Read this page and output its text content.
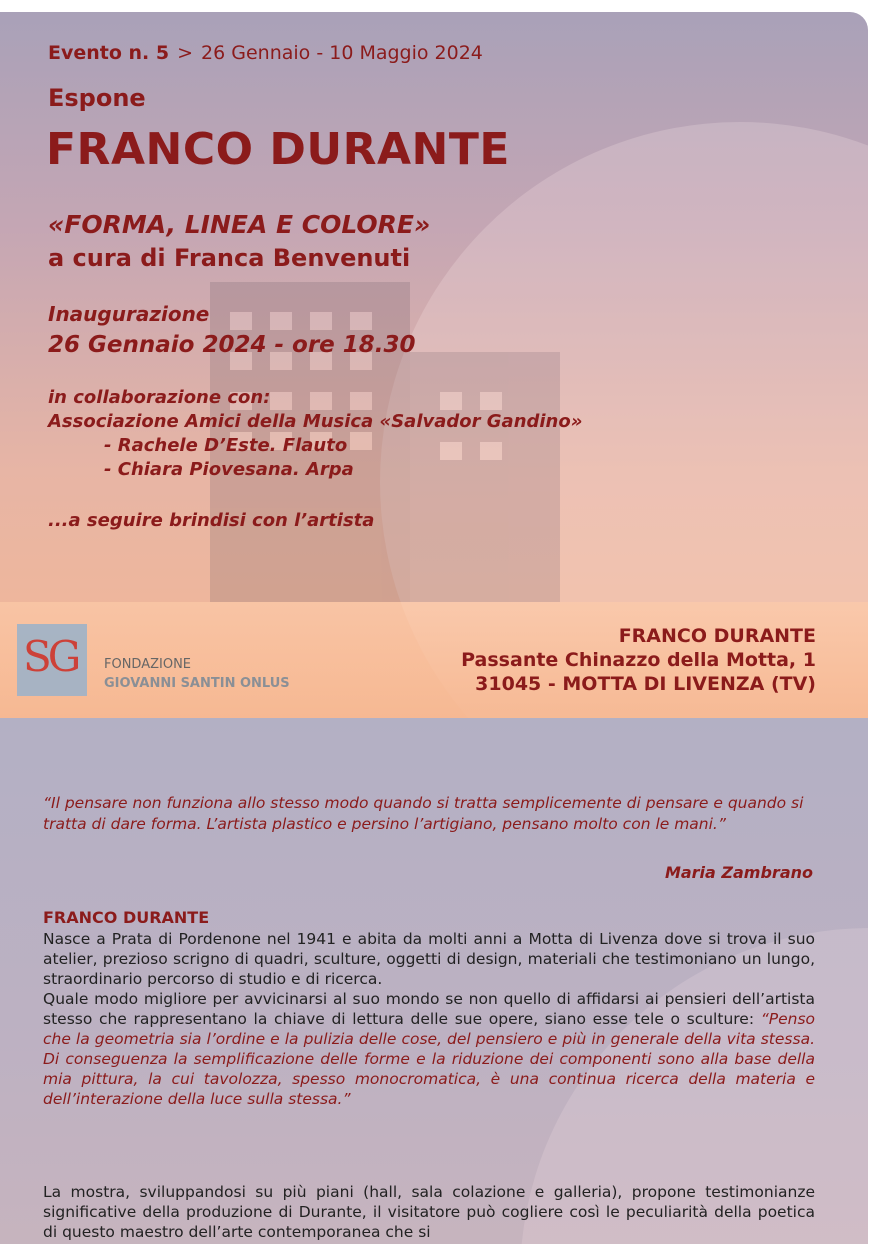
Evento n. 5 > 26 Gennaio - 10 Maggio 2024
Espone
FRANCO DURANTE
«FORMA, LINEA E COLORE»
a cura di Franca Benvenuti
Inaugurazione
26 Gennaio 2024 - ore 18.30
in collaborazione con:
Associazione Amici della Musica «Salvador Gandino»
- Rachele D’Este. Flauto
- Chiara Piovesana. Arpa
...a seguire brindisi con l’artista
SG FONDAZIONE
GIOVANNI SANTIN ONLUS
FRANCO DURANTE
Passante Chinazzo della Motta, 1
31045 - MOTTA DI LIVENZA (TV)
“Il pensare non funziona allo stesso modo quando si tratta semplicemente di pensare e quando si tratta di dare forma. L’artista plastico e persino l’artigiano, pensano molto con le mani.”
Maria Zambrano
FRANCO DURANTE
Nasce a Prata di Pordenone nel 1941 e abita da molti anni a Motta di Livenza dove si trova il suo atelier, prezioso scrigno di quadri, sculture, oggetti di design, materiali che testimoniano un lungo, straordinario percorso di studio e di ricerca.
Quale modo migliore per avvicinarsi al suo mondo se non quello di affidarsi ai pensieri dell’artista stesso che rappresentano la chiave di lettura delle sue opere, siano esse tele o sculture: “Penso che la geometria sia l’ordine e la pulizia delle cose, del pensiero e più in generale della vita stessa. Di conseguenza la semplificazione delle forme e la riduzione dei componenti sono alla base della mia pittura, la cui tavolozza, spesso monocromatica, è una continua ricerca della materia e dell’interazione della luce sulla stessa.”
La mostra, sviluppandosi su più piani (hall, sala colazione e galleria), propone testimonianze significative della produzione di Durante, il visitatore può cogliere così le peculiarità della poetica di questo maestro dell’arte contemporanea che si
